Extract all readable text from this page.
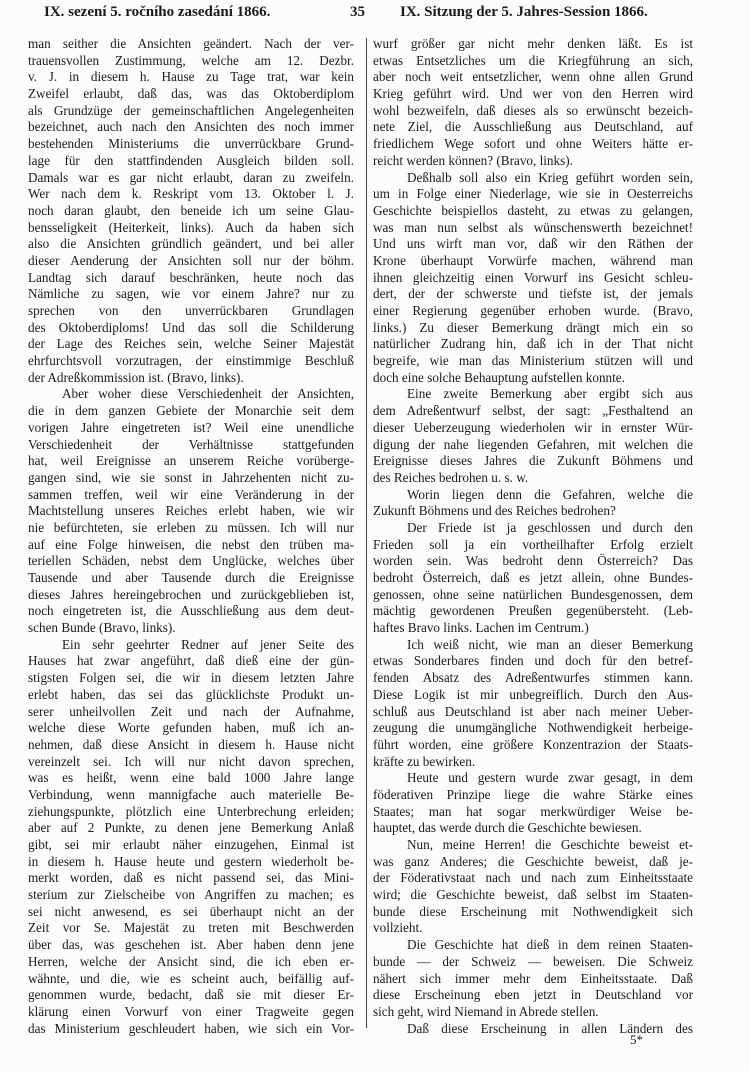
IX. sezení 5. ročního zasedání 1866.	35 IX. Sitzung der 5. Jahres-Session 1866.
man seither die Ansichten geändert. Nach der ver-
trauensvollen Zustimmung, welche am 12. Dezbr.
v. J. in diesem h. Hause zu Tage trat, war kein
Zweifel erlaubt, daß das, was das Oktoberdiplom
als Grundzüge der gemeinschaftlichen Angelegenheiten
bezeichnet, auch nach den Ansichten des noch immer
bestehenden Ministeriums die unverrückbare Grund-
lage für den stattfindenden Ausgleich bilden soll.
Damals war es gar nicht erlaubt, daran zu zweifeln.
Wer nach dem k. Reskript vom 13. Oktober l. J.
noch daran glaubt, den beneide ich um seine Glau-
bensseligkeit (Heiterkeit, links). Auch da haben sich
also die Ansichten gründlich geändert, und bei aller
dieser Aenderung der Ansichten soll nur der böhm.
Landtag sich darauf beschränken, heute noch das
Nämliche zu sagen, wie vor einem Jahre? nur zu
sprechen von den unverrückbaren Grundlagen
des Oktoberdiploms! Und das soll die Schilderung
der Lage des Reiches sein, welche Seiner Majestät
ehrfurchtsvoll vorzutragen, der einstimmige Beschluß
der Adreßkommission ist. (Bravo, links).
Aber woher diese Verschiedenheit der Ansichten,
die in dem ganzen Gebiete der Monarchie seit dem
vorigen Jahre eingetreten ist? Weil eine unendliche
Verschiedenheit der Verhältnisse stattgefunden
hat, weil Ereignisse an unserem Reiche vorüberge-
gangen sind, wie sie sonst in Jahrzehenten nicht zu-
sammen treffen, weil wir eine Veränderung in der
Machtstellung unseres Reiches erlebt haben, wie wir
nie befürchteten, sie erleben zu müssen. Ich will nur
auf eine Folge hinweisen, die nebst den trüben ma-
teriellen Schäden, nebst dem Unglücke, welches über
Tausende und aber Tausende durch die Ereignisse
dieses Jahres hereingebrochen und zurückgeblieben ist,
noch eingetreten ist, die Ausschließung aus dem deut-
schen Bunde (Bravo, links).
Ein sehr geehrter Redner auf jener Seite des
Hauses hat zwar angeführt, daß dieß eine der gün-
stigsten Folgen sei, die wir in diesem letzten Jahre
erlebt haben, das sei das glücklichste Produkt un-
serer unheilvollen Zeit und nach der Aufnahme,
welche diese Worte gefunden haben, muß ich an-
nehmen, daß diese Ansicht in diesem h. Hause nicht
vereinzelt sei. Ich will nur nicht davon sprechen,
was es heißt, wenn eine bald 1000 Jahre lange
Verbindung, wenn mannigfache auch materielle Be-
ziehungspunkte, plötzlich eine Unterbrechung erleiden;
aber auf 2 Punkte, zu denen jene Bemerkung Anlaß
gibt, sei mir erlaubt näher einzugehen, Einmal ist
in diesem h. Hause heute und gestern wiederholt be-
merkt worden, daß es nicht passend sei, das Mini-
sterium zur Zielscheibe von Angriffen zu machen; es
sei nicht anwesend, es sei überhaupt nicht an der
Zeit vor Se. Majestät zu treten mit Beschwerden
über das, was geschehen ist. Aber haben denn jene
Herren, welche der Ansicht sind, die ich eben er-
wähnte, und die, wie es scheint auch, beifällig auf-
genommen wurde, bedacht, daß sie mit dieser Er-
klärung einen Vorwurf von einer Tragweite gegen
das Ministerium geschleudert haben, wie sich ein Vor-
wurf größer gar nicht mehr denken läßt. Es ist
etwas Entsetzliches um die Kriegführung an sich,
aber noch weit entsetzlicher, wenn ohne allen Grund
Krieg geführt wird. Und wer von den Herren wird
wohl bezweifeln, daß dieses als so erwünscht bezeich-
nete Ziel, die Ausschließung aus Deutschland, auf
friedlichem Wege sofort und ohne Weiters hätte er-
reicht werden können? (Bravo, links).
Deßhalb soll also ein Krieg geführt worden sein,
um in Folge einer Niederlage, wie sie in Oesterreichs
Geschichte beispiellos dasteht, zu etwas zu gelangen,
was man nun selbst als wünschenswerth bezeichnet!
Und uns wirft man vor, daß wir den Räthen der
Krone überhaupt Vorwürfe machen, während man
ihnen gleichzeitig einen Vorwurf ins Gesicht schleu-
dert, der der schwerste und tiefste ist, der jemals
einer Regierung gegenüber erhoben wurde. (Bravo,
links.) Zu dieser Bemerkung drängt mich ein so
natürlicher Zudrang hin, daß ich in der That nicht
begreife, wie man das Ministerium stützen will und
doch eine solche Behauptung aufstellen konnte.
Eine zweite Bemerkung aber ergibt sich aus
dem Adreßentwurf selbst, der sagt: „Festhaltend an
dieser Ueberzeugung wiederholen wir in ernster Wür-
digung der nahe liegenden Gefahren, mit welchen die
Ereignisse dieses Jahres die Zukunft Böhmens und
des Reiches bedrohen u. s. w.
Worin liegen denn die Gefahren, welche die
Zukunft Böhmens und des Reiches bedrohen?
Der Friede ist ja geschlossen und durch den
Frieden soll ja ein vortheilhafter Erfolg erzielt
worden sein. Was bedroht denn Österreich? Das
bedroht Österreich, daß es jetzt allein, ohne Bundes-
genossen, ohne seine natürlichen Bundesgenossen, dem
mächtig gewordenen Preußen gegenübersteht. (Leb-
haftes Bravo links. Lachen im Centrum.)
Ich weiß nicht, wie man an dieser Bemerkung
etwas Sonderbares finden und doch für den betref-
fenden Absatz des Adreßentwurfes stimmen kann.
Diese Logik ist mir unbegreiflich. Durch den Aus-
schluß aus Deutschland ist aber nach meiner Ueber-
zeugung die unumgängliche Nothwendigkeit herbeige-
führt worden, eine größere Konzentrazion der Staats-
kräfte zu bewirken.
Heute und gestern wurde zwar gesagt, in dem
föderativen Prinzipe liege die wahre Stärke eines
Staates; man hat sogar merkwürdiger Weise be-
hauptet, das werde durch die Geschichte bewiesen.
Nun, meine Herren! die Geschichte beweist et-
was ganz Anderes; die Geschichte beweist, daß je-
der Föderativstaat nach und nach zum Einheitsstaate
wird; die Geschichte beweist, daß selbst im Staaten-
bunde diese Erscheinung mit Nothwendigkeit sich
vollzieht.
Die Geschichte hat dieß in dem reinen Staaten-
bunde — der Schweiz — beweisen. Die Schweiz
nähert sich immer mehr dem Einheitsstaate. Daß
diese Erscheinung eben jetzt in Deutschland vor
sich geht, wird Niemand in Abrede stellen.
Daß diese Erscheinung in allen Ländern des
5*
